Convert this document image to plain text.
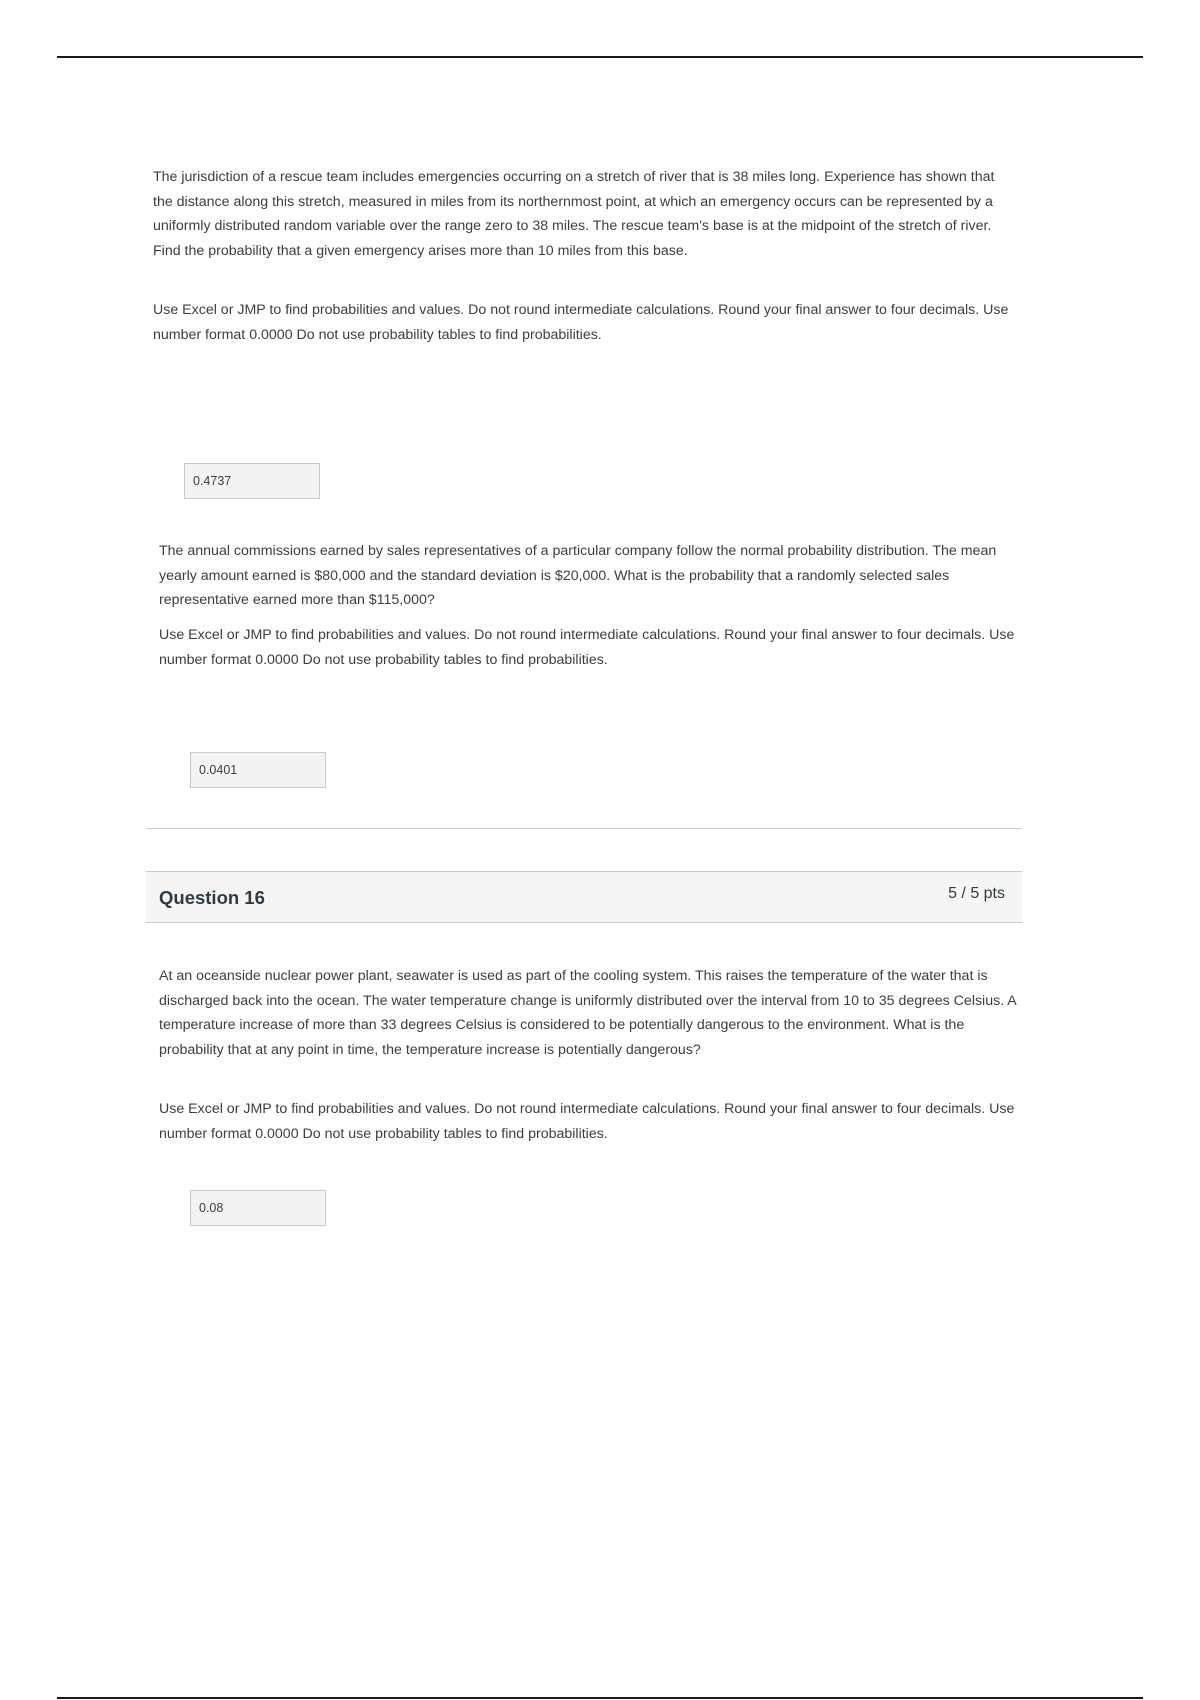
The jurisdiction of a rescue team includes emergencies occurring on a stretch of river that is 38 miles long. Experience has shown that the distance along this stretch, measured in miles from its northernmost point, at which an emergency occurs can be represented by a uniformly distributed random variable over the range zero to 38 miles. The rescue team's base is at the midpoint of the stretch of river. Find the probability that a given emergency arises more than 10 miles from this base.

Use Excel or JMP to find probabilities and values. Do not round intermediate calculations. Round your final answer to four decimals. Use number format 0.0000 Do not use probability tables to find probabilities.

0.4737

The annual commissions earned by sales representatives of a particular company follow the normal probability distribution. The mean yearly amount earned is $80,000 and the standard deviation is $20,000. What is the probability that a randomly selected sales representative earned more than $115,000?

Use Excel or JMP to find probabilities and values. Do not round intermediate calculations. Round your final answer to four decimals. Use number format 0.0000 Do not use probability tables to find probabilities.

0.0401
Question 16	5 / 5 pts

At an oceanside nuclear power plant, seawater is used as part of the cooling system. This raises the temperature of the water that is discharged back into the ocean. The water temperature change is uniformly distributed over the interval from 10 to 35 degrees Celsius. A temperature increase of more than 33 degrees Celsius is considered to be potentially dangerous to the environment. What is the probability that at any point in time, the temperature increase is potentially dangerous?

Use Excel or JMP to find probabilities and values. Do not round intermediate calculations. Round your final answer to four decimals. Use number format 0.0000 Do not use probability tables to find probabilities.

0.08
